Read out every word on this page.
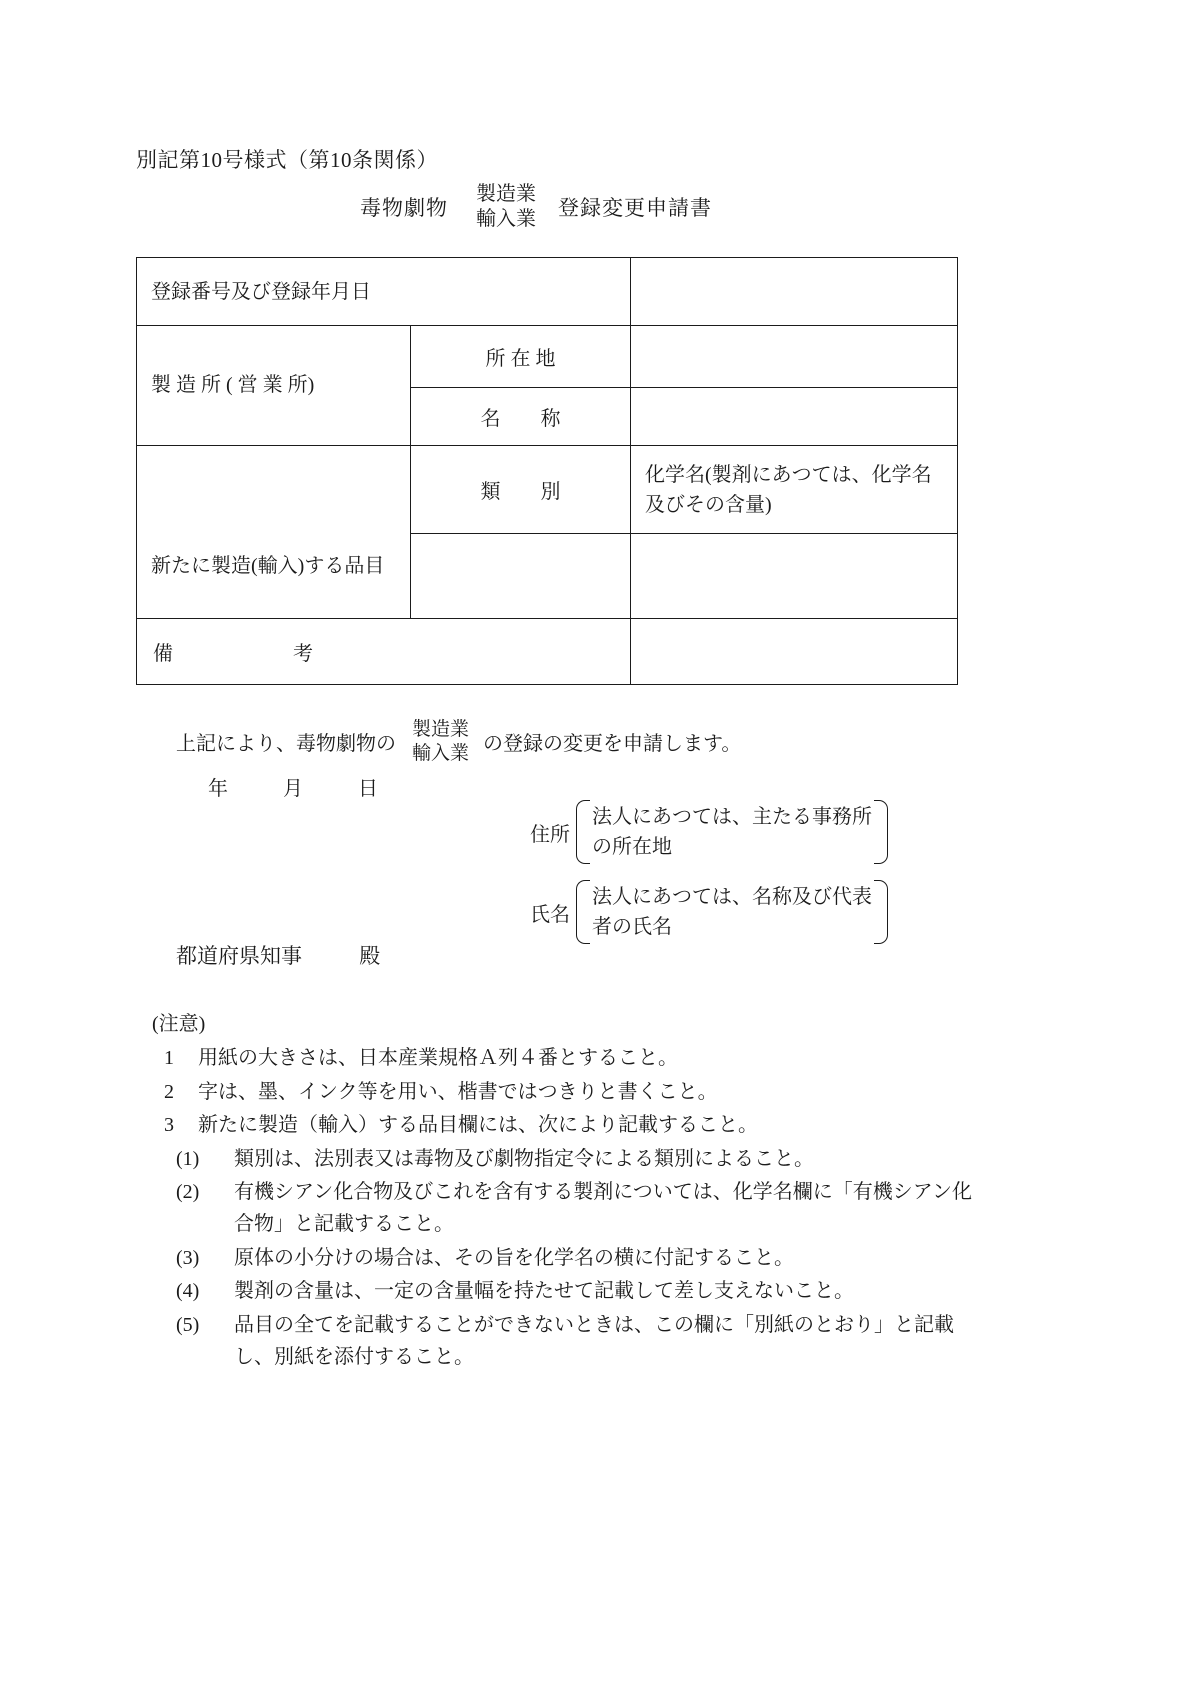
別記第10号様式（第10条関係）
毒物劇物
製造業
輸入業 登録変更申請書
登録番号及び登録年月日		

製 造 所 ( 営 業 所)	所 在 地	

名　　称	

新たに製造(輸入)する品目	類　　別	化学名(製剤にあつては、化学名及びその含量)

備　　　　　　考		

上記により、毒物劇物の
製造業
輸入業 の登録の変更を申請します。
年	月	日
住所
法人にあつては、主たる事務所
の所在地
氏名
法人にあつては、名称及び代表
者の氏名
都道府県知事	殿
(注意)
1	用紙の大きさは、日本産業規格Ａ列４番とすること。
2	字は、墨、インク等を用い、楷書ではつきりと書くこと。
3	新たに製造（輸入）する品目欄には、次により記載すること。
(1)	類別は、法別表又は毒物及び劇物指定令による類別によること。
(2)	有機シアン化合物及びこれを含有する製剤については、化学名欄に「有機シアン化合物」と記載すること。
(3)	原体の小分けの場合は、その旨を化学名の横に付記すること。
(4)	製剤の含量は、一定の含量幅を持たせて記載して差し支えないこと。
(5)	品目の全てを記載することができないときは、この欄に「別紙のとおり」と記載し、別紙を添付すること。
